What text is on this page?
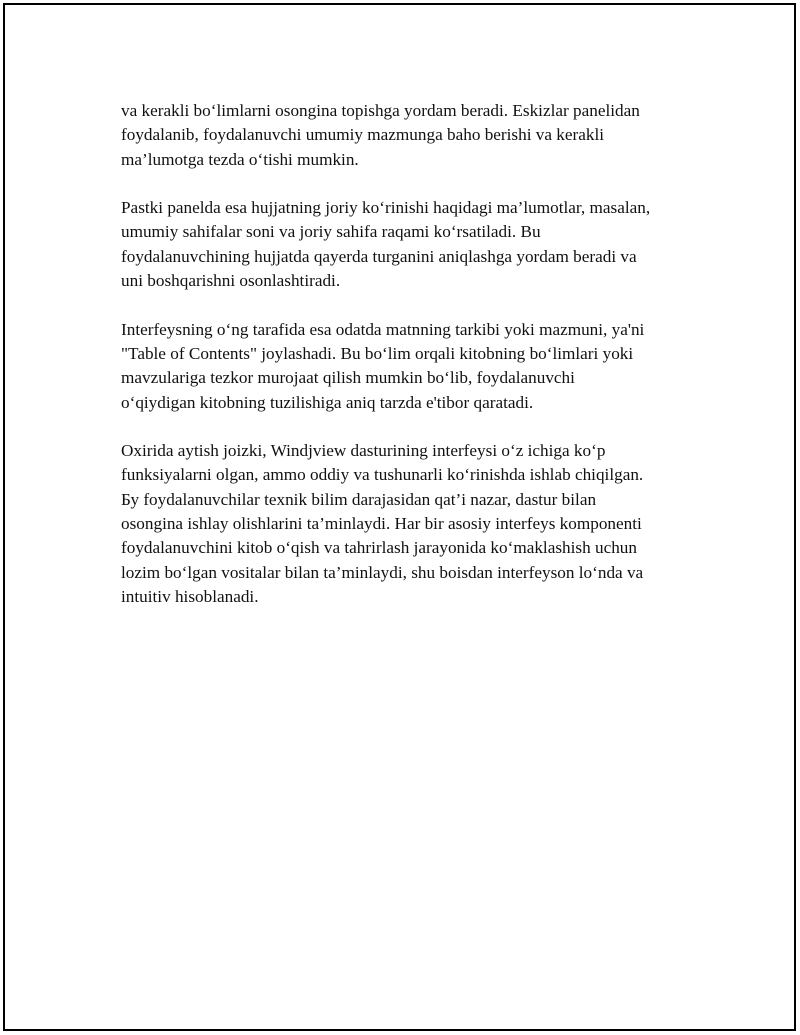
va kerakli bo‘limlarni osongina topishga yordam beradi. Eskizlar panelidan
foydalanib, foydalanuvchi umumiy mazmunga baho berishi va kerakli
ma’lumotga tezda o‘tishi mumkin.

Pastki panelda esa hujjatning joriy ko‘rinishi haqidagi ma’lumotlar, masalan,
umumiy sahifalar soni va joriy sahifa raqami ko‘rsatiladi. Bu
foydalanuvchining hujjatda qayerda turganini aniqlashga yordam beradi va
uni boshqarishni osonlashtiradi.

Interfeysning o‘ng tarafida esa odatda matnning tarkibi yoki mazmuni, ya'ni
"Table of Contents" joylashadi. Bu bo‘lim orqali kitobning bo‘limlari yoki
mavzulariga tezkor murojaat qilish mumkin bo‘lib, foydalanuvchi
o‘qiydigan kitobning tuzilishiga aniq tarzda e'tibor qaratadi.

Oxirida aytish joizki, Windjview dasturining interfeysi o‘z ichiga ko‘p
funksiyalarni olgan, ammo oddiy va tushunarli ko‘rinishda ishlab chiqilgan.
Бу foydalanuvchilar texnik bilim darajasidan qat’i nazar, dastur bilan
osongina ishlay olishlarini ta’minlaydi. Har bir asosiy interfeys komponenti
foydalanuvchini kitob o‘qish va tahrirlash jarayonida ko‘maklashish uchun
lozim bo‘lgan vositalar bilan ta’minlaydi, shu boisdan interfeyson lo‘nda va
intuitiv hisoblanadi.
